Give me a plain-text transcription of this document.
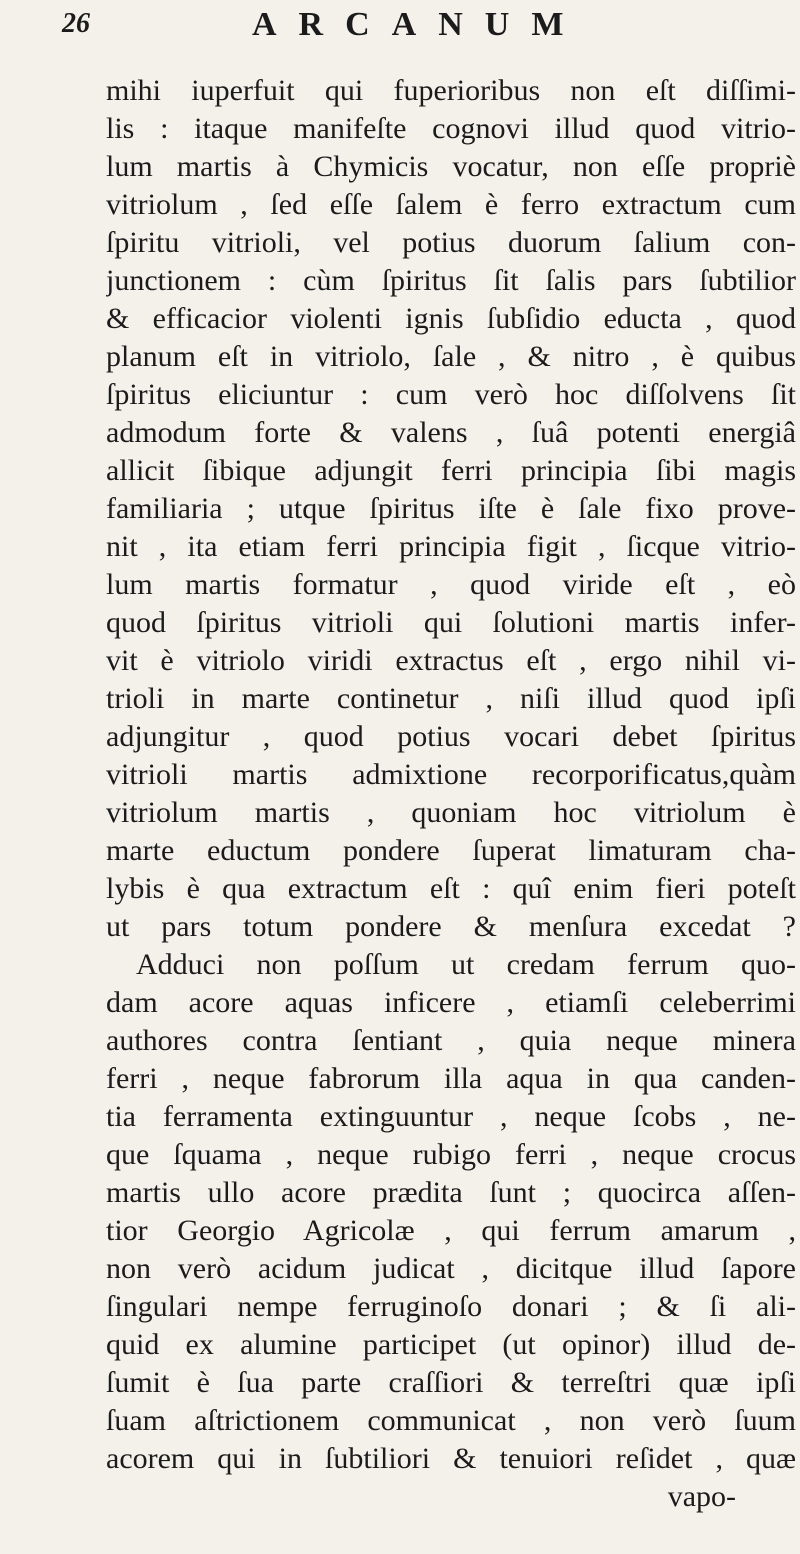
26	ARCANUM
mihi iuperfuit qui fuperioribus non eſt diſſimi-
lis : itaque manifeſte cognovi illud quod vitrio-
lum martis à Chymicis vocatur, non eſſe propriè
vitriolum , ſed eſſe ſalem è ferro extractum cum
ſpiritu vitrioli, vel potius duorum ſalium con-
junctionem : cùm ſpiritus ſit ſalis pars ſubtilior
& efficacior violenti ignis ſubſidio educta , quod
planum eſt in vitriolo, ſale , & nitro , è quibus
ſpiritus eliciuntur : cum verò hoc diſſolvens ſit
admodum forte & valens , ſuâ potenti energiâ
allicit ſibique adjungit ferri principia ſibi magis
familiaria ; utque ſpiritus iſte è ſale fixo prove-
nit , ita etiam ferri principia figit , ſicque vitrio-
lum martis formatur , quod viride eſt , eò
quod ſpiritus vitrioli qui ſolutioni martis infer-
vit è vitriolo viridi extractus eſt , ergo nihil vi-
trioli in marte continetur , niſi illud quod ipſi
adjungitur , quod potius vocari debet ſpiritus
vitrioli martis admixtione recorporificatus,quàm
vitriolum martis , quoniam hoc vitriolum è
marte eductum pondere ſuperat limaturam cha-
lybis è qua extractum eſt : quî enim fieri poteſt
ut pars totum pondere & menſura excedat ?
Adduci non poſſum ut credam ferrum quo-
dam acore aquas inficere , etiamſi celeberrimi
authores contra ſentiant , quia neque minera
ferri , neque fabrorum illa aqua in qua canden-
tia ferramenta extinguuntur , neque ſcobs , ne-
que ſquama , neque rubigo ferri , neque crocus
martis ullo acore prædita ſunt ; quocirca aſſen-
tior Georgio Agricolæ , qui ferrum amarum ,
non verò acidum judicat , dicitque illud ſapore
ſingulari nempe ferruginoſo donari ; & ſi ali-
quid ex alumine participet (ut opinor) illud de-
ſumit è ſua parte craſſiori & terreſtri quæ ipſi
ſuam aſtrictionem communicat , non verò ſuum
acorem qui in ſubtiliori & tenuiori reſidet , quæ
vapo-
